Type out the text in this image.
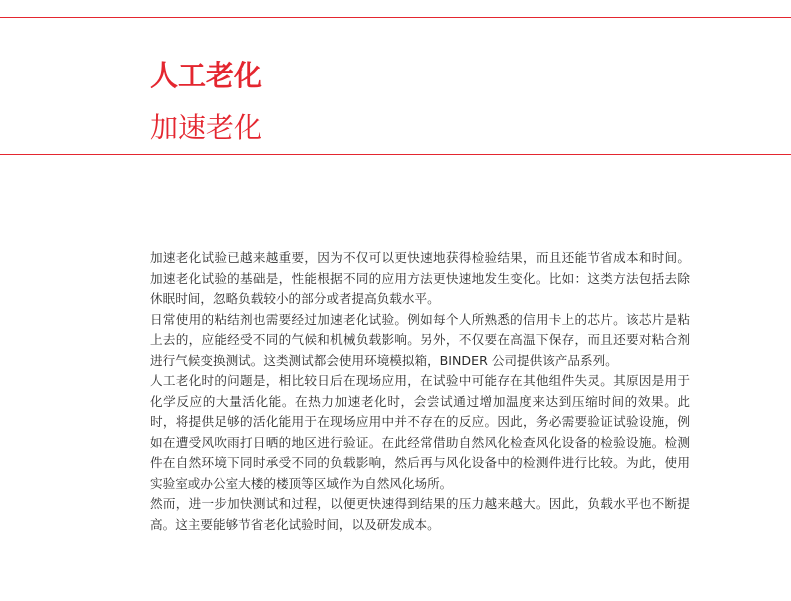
人工老化
加速老化

加速老化试验已越来越重要，因为不仅可以更快速地获得检验结果，而且还能节省成本和时间。加速老化试验的基础是，性能根据不同的应用方法更快速地发生变化。比如：这类方法包括去除休眠时间，忽略负载较小的部分或者提高负载水平。

日常使用的粘结剂也需要经过加速老化试验。例如每个人所熟悉的信用卡上的芯片。该芯片是粘上去的，应能经受不同的气候和机械负载影响。另外，不仅要在高温下保存，而且还要对粘合剂进行气候变换测试。这类测试都会使用环境模拟箱，BINDER 公司提供该产品系列。

人工老化时的问题是，相比较日后在现场应用，在试验中可能存在其他组件失灵。其原因是用于化学反应的大量活化能。在热力加速老化时，会尝试通过增加温度来达到压缩时间的效果。此时，将提供足够的活化能用于在现场应用中并不存在的反应。因此，务必需要验证试验设施，例如在遭受风吹雨打日晒的地区进行验证。在此经常借助自然风化检查风化设备的检验设施。检测件在自然环境下同时承受不同的负载影响，然后再与风化设备中的检测件进行比较。为此，使用实验室或办公室大楼的楼顶等区域作为自然风化场所。

然而，进一步加快测试和过程，以便更快速得到结果的压力越来越大。因此，负载水平也不断提高。这主要能够节省老化试验时间，以及研发成本。
